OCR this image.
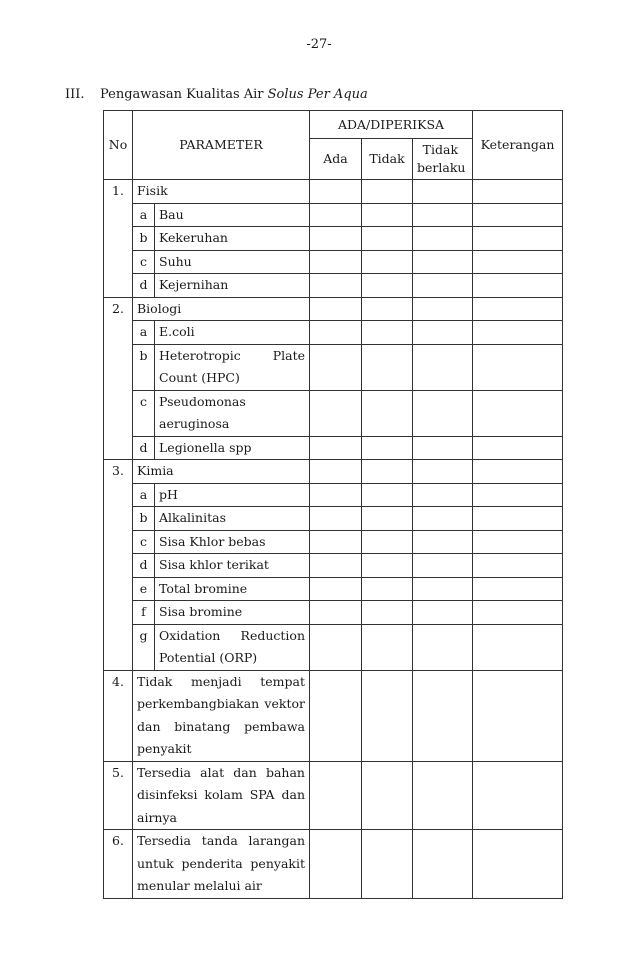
-27-
III. Pengawasan Kualitas Air Solus Per Aqua
No	PARAMETER		ADA/DIPERIKSA			Keterangan
			Ada	Tidak	Tidak berlaku	
1.	Fisik					
	a	Bau				
	b	Kekeruhan				
	c	Suhu				
	d	Kejernihan				
2.	Biologi					
	a	E.coli				
	b	Heterotropic Plate Count (HPC)				
	c	Pseudomonas aeruginosa				
	d	Legionella spp				
3.	Kimia					
	a	pH				
	b	Alkalinitas				
	c	Sisa Khlor bebas				
	d	Sisa khlor terikat				
	e	Total bromine				
	f	Sisa bromine				
	g	Oxidation Reduction Potential (ORP)				
4.	Tidak menjadi tempat perkembangbiakan vektor dan binatang pembawa penyakit					
5.	Tersedia alat dan bahan disinfeksi kolam SPA dan airnya					
6.	Tersedia tanda larangan untuk penderita penyakit menular melalui air					
